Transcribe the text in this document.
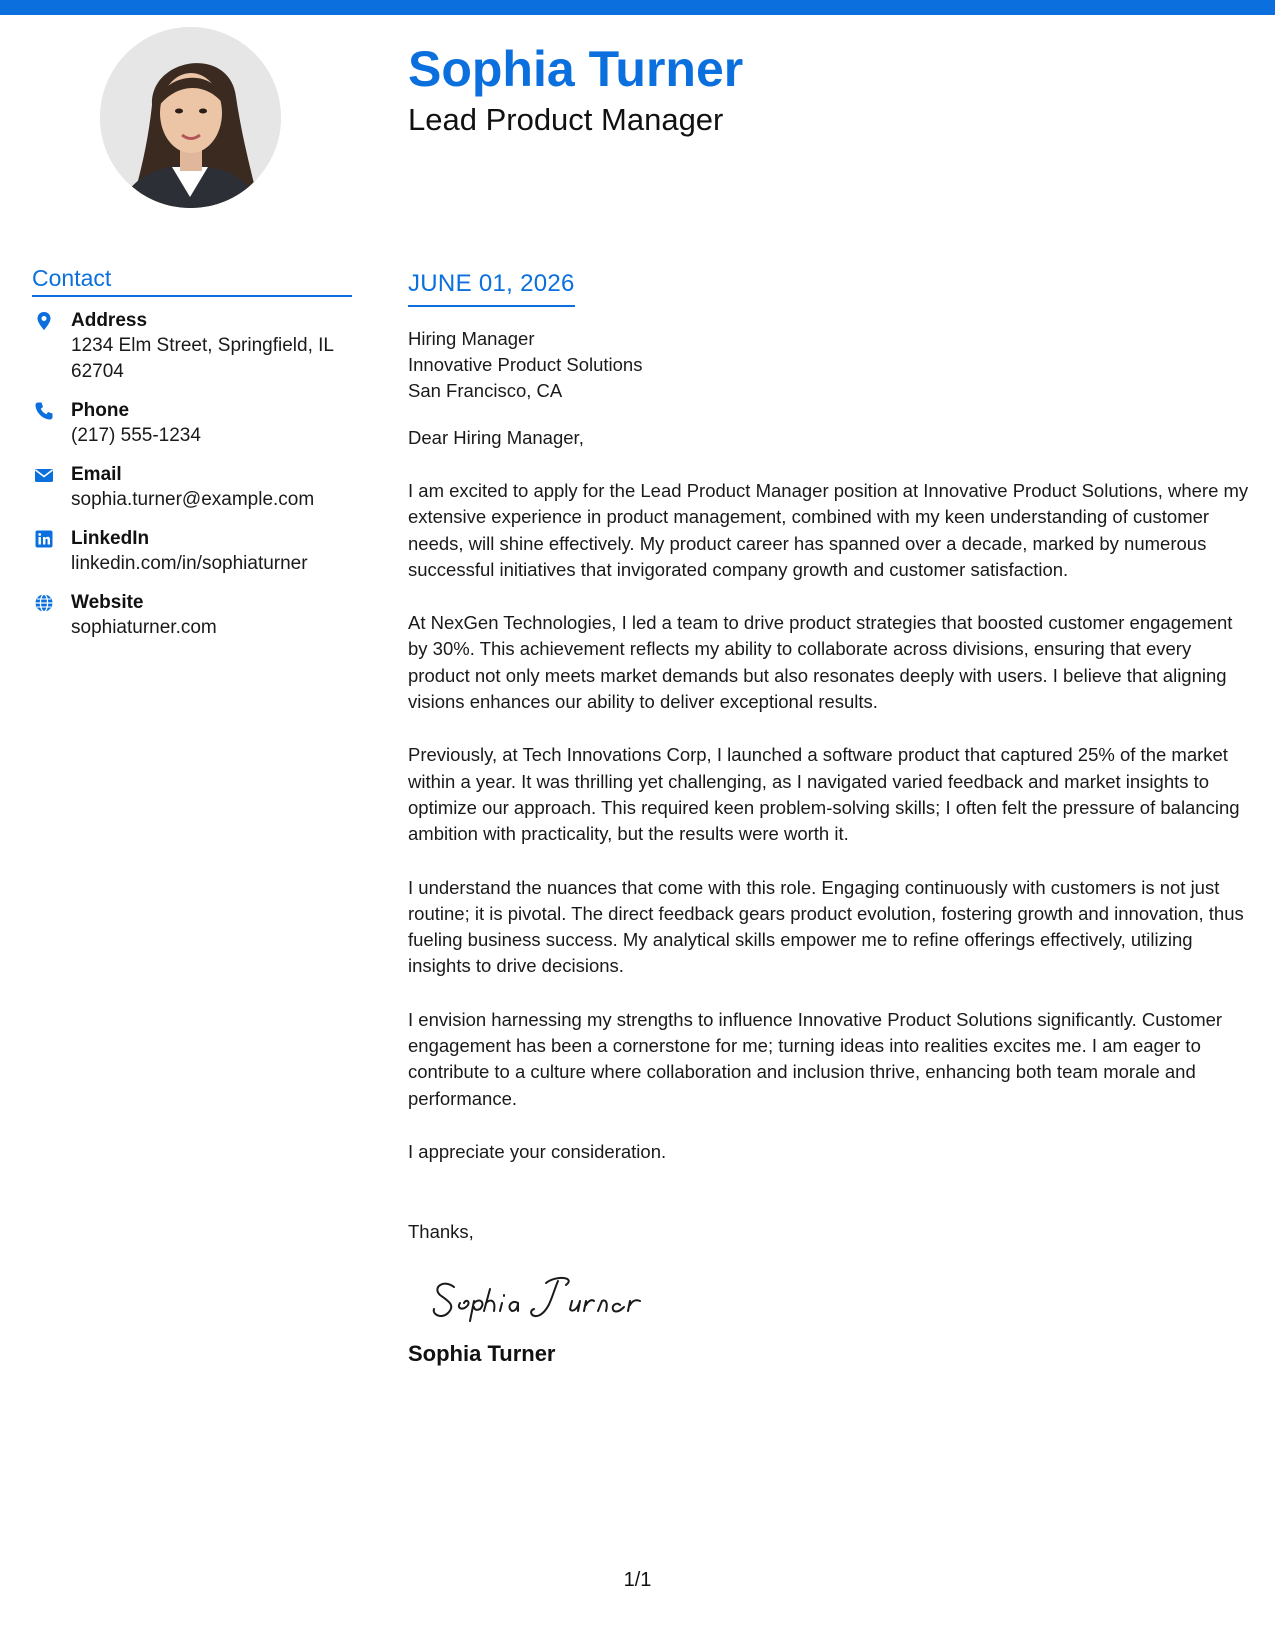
Sophia Turner
Lead Product Manager
Contact
Address
1234 Elm Street, Springfield, IL
62704
Phone
(217) 555-1234
Email
sophia.turner@example.com
LinkedIn
linkedin.com/in/sophiaturner
Website
sophiaturner.com
JUNE 01, 2026
Hiring Manager
Innovative Product Solutions
San Francisco, CA
Dear Hiring Manager,

I am excited to apply for the Lead Product Manager position at Innovative Product Solutions, where my extensive experience in product management, combined with my keen understanding of customer needs, will shine effectively. My product career has spanned over a decade, marked by numerous successful initiatives that invigorated company growth and customer satisfaction.

At NexGen Technologies, I led a team to drive product strategies that boosted customer engagement by 30%. This achievement reflects my ability to collaborate across divisions, ensuring that every product not only meets market demands but also resonates deeply with users. I believe that aligning visions enhances our ability to deliver exceptional results.

Previously, at Tech Innovations Corp, I launched a software product that captured 25% of the market within a year. It was thrilling yet challenging, as I navigated varied feedback and market insights to optimize our approach. This required keen problem-solving skills; I often felt the pressure of balancing ambition with practicality, but the results were worth it.

I understand the nuances that come with this role. Engaging continuously with customers is not just routine; it is pivotal. The direct feedback gears product evolution, fostering growth and innovation, thus fueling business success. My analytical skills empower me to refine offerings effectively, utilizing insights to drive decisions.

I envision harnessing my strengths to influence Innovative Product Solutions significantly. Customer engagement has been a cornerstone for me; turning ideas into realities excites me. I am eager to contribute to a culture where collaboration and inclusion thrive, enhancing both team morale and performance.

I appreciate your consideration.
Thanks,
Sophia Turner
1/1
